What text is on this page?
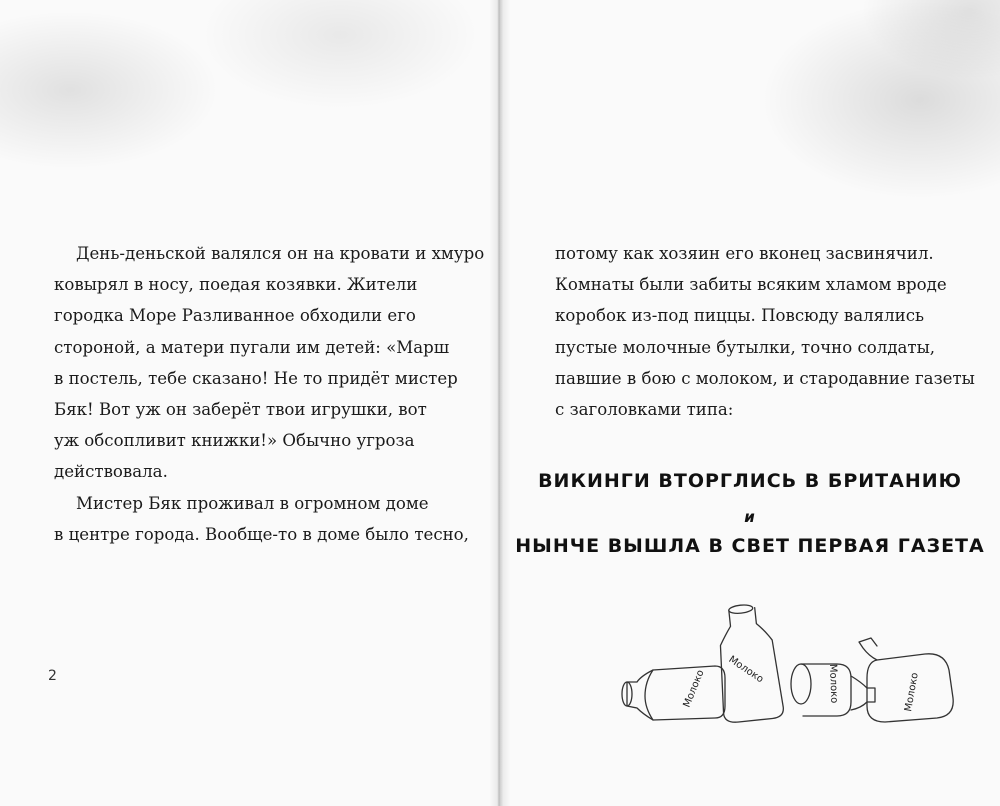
День-деньской валялся он на кровати и хмуро
ковырял в носу, поедая козявки. Жители
городка Море Разливанное обходили его
стороной, а матери пугали им детей: «Марш
в постель, тебе сказано! Не то придёт мистер
Бяк! Вот уж он заберёт твои игрушки, вот
уж обсопливит книжки!» Обычно угроза
действовала.
Мистер Бяк проживал в огромном доме
в центре города. Вообще-то в доме было тесно,
2
потому как хозяин его вконец засвинячил.
Комнаты были забиты всяким хламом вроде
коробок из-под пиццы. Повсюду валялись
пустые молочные бутылки, точно солдаты,
павшие в бою с молоком, и стародавние газеты
с заголовками типа:
ВИКИНГИ ВТОРГЛИСЬ В БРИТАНИЮ
и
НЫНЧЕ ВЫШЛА В СВЕТ ПЕРВАЯ ГАЗЕТА
Молоко Молоко	Молоко	Молоко
